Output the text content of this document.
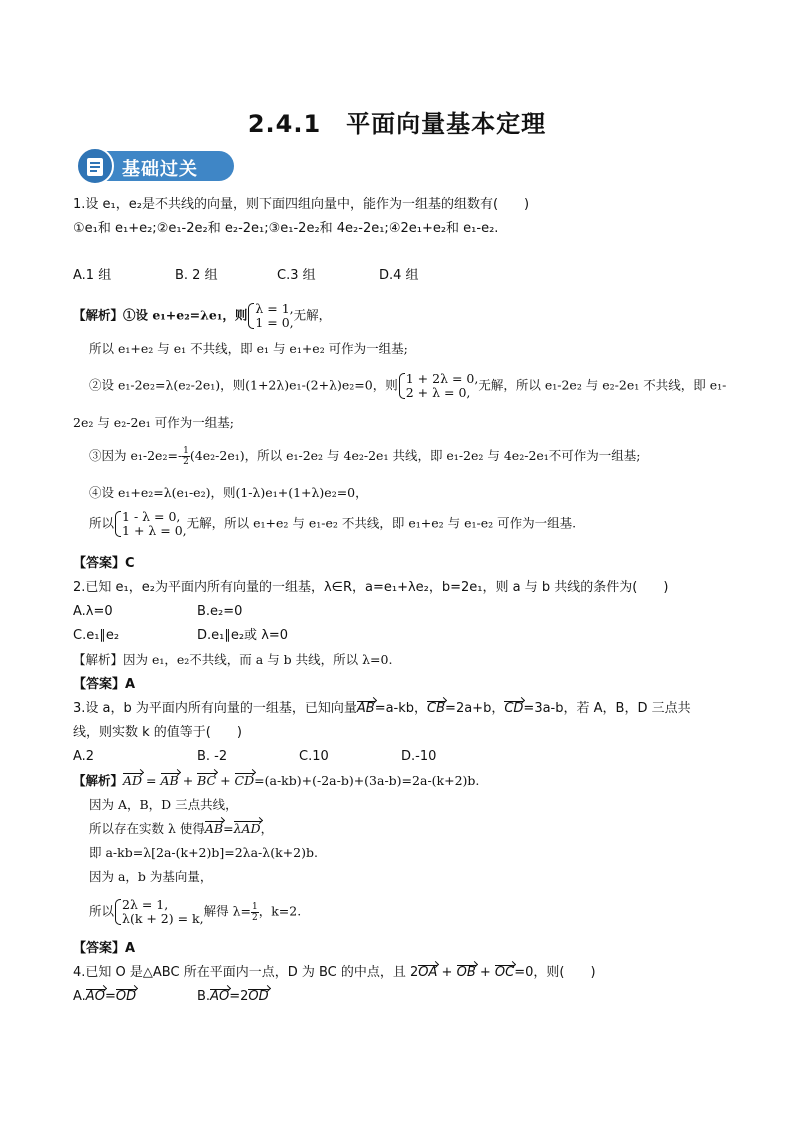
2.4.1　平面向量基本定理
基础过关
1.设 e₁，e₂是不共线的向量，则下面四组向量中，能作为一组基的组数有(　　)
①e₁和 e₁+e₂;②e₁-2e₂和 e₂-2e₁;③e₁-2e₂和 4e₂-2e₁;④2e₁+e₂和 e₁-e₂.
A.1 组	B. 2 组	C.3 组	D.4 组
【解析】①设 e₁+e₂=λe₁，则 λ = 1,
1 = 0, 无解，
所以 e₁+e₂ 与 e₁ 不共线，即 e₁ 与 e₁+e₂ 可作为一组基;
②设 e₁-2e₂=λ(e₂-2e₁)，则(1+2λ)e₁-(2+λ)e₂=0，则 1 + 2λ = 0,
2 + λ = 0, 无解，所以 e₁-2e₂ 与 e₂-2e₁ 不共线，即 e₁-
2e₂ 与 e₂-2e₁ 可作为一组基;
③因为 $e_1-2e_2=- \frac{1}{2} (4e_2-2e_1)$，所以 e₁-2e₂ 与 4e₂-2e₁ 共线，即 e₁-2e₂ 与 4e₂-2e₁不可作为一组基;
④设 e₁+e₂=λ(e₁-e₂)，则(1-λ)e₁+(1+λ)e₂=0，
所以 1 - λ = 0,
1 + λ = 0, 无解，所以 e₁+e₂ 与 e₁-e₂ 不共线，即 e₁+e₂ 与 e₁-e₂ 可作为一组基.
【答案】C
2.已知 e₁，e₂为平面内所有向量的一组基，λ∈R，a=e₁+λe₂，b=2e₁，则 a 与 b 共线的条件为(　　)
A.λ=0	B.e₂=0
C.e₁∥e₂	D.e₁∥e₂或 λ=0
【解析】因为 e₁，e₂不共线，而 a 与 b 共线，所以 λ=0.
【答案】A
3.设 a，b 为平面内所有向量的一组基，已知向量AB=a-kb，CB=2a+b，CD=3a-b，若 A，B，D 三点共
线，则实数 k 的值等于(　　)
A.2	B. -2	C.10	D.-10
【解析】AD = AB + BC + CD=(a-kb)+(-2a-b)+(3a-b)=2a-(k+2)b.
因为 A，B，D 三点共线，
所以存在实数 λ 使得AB=λAD，
即 a-kb=λ[2a-(k+2)b]=2λa-λ(k+2)b.
因为 a，b 为基向量，
所以 2λ = 1,
λ(k + 2) = k, 解得 $\lambda= \frac{1}{2}$ ，k=2.
【答案】A
4.已知 O 是△ABC 所在平面内一点，D 为 BC 的中点，且 2OA + OB + OC=0，则(　　)
A.AO=OD	B.AO=2OD
